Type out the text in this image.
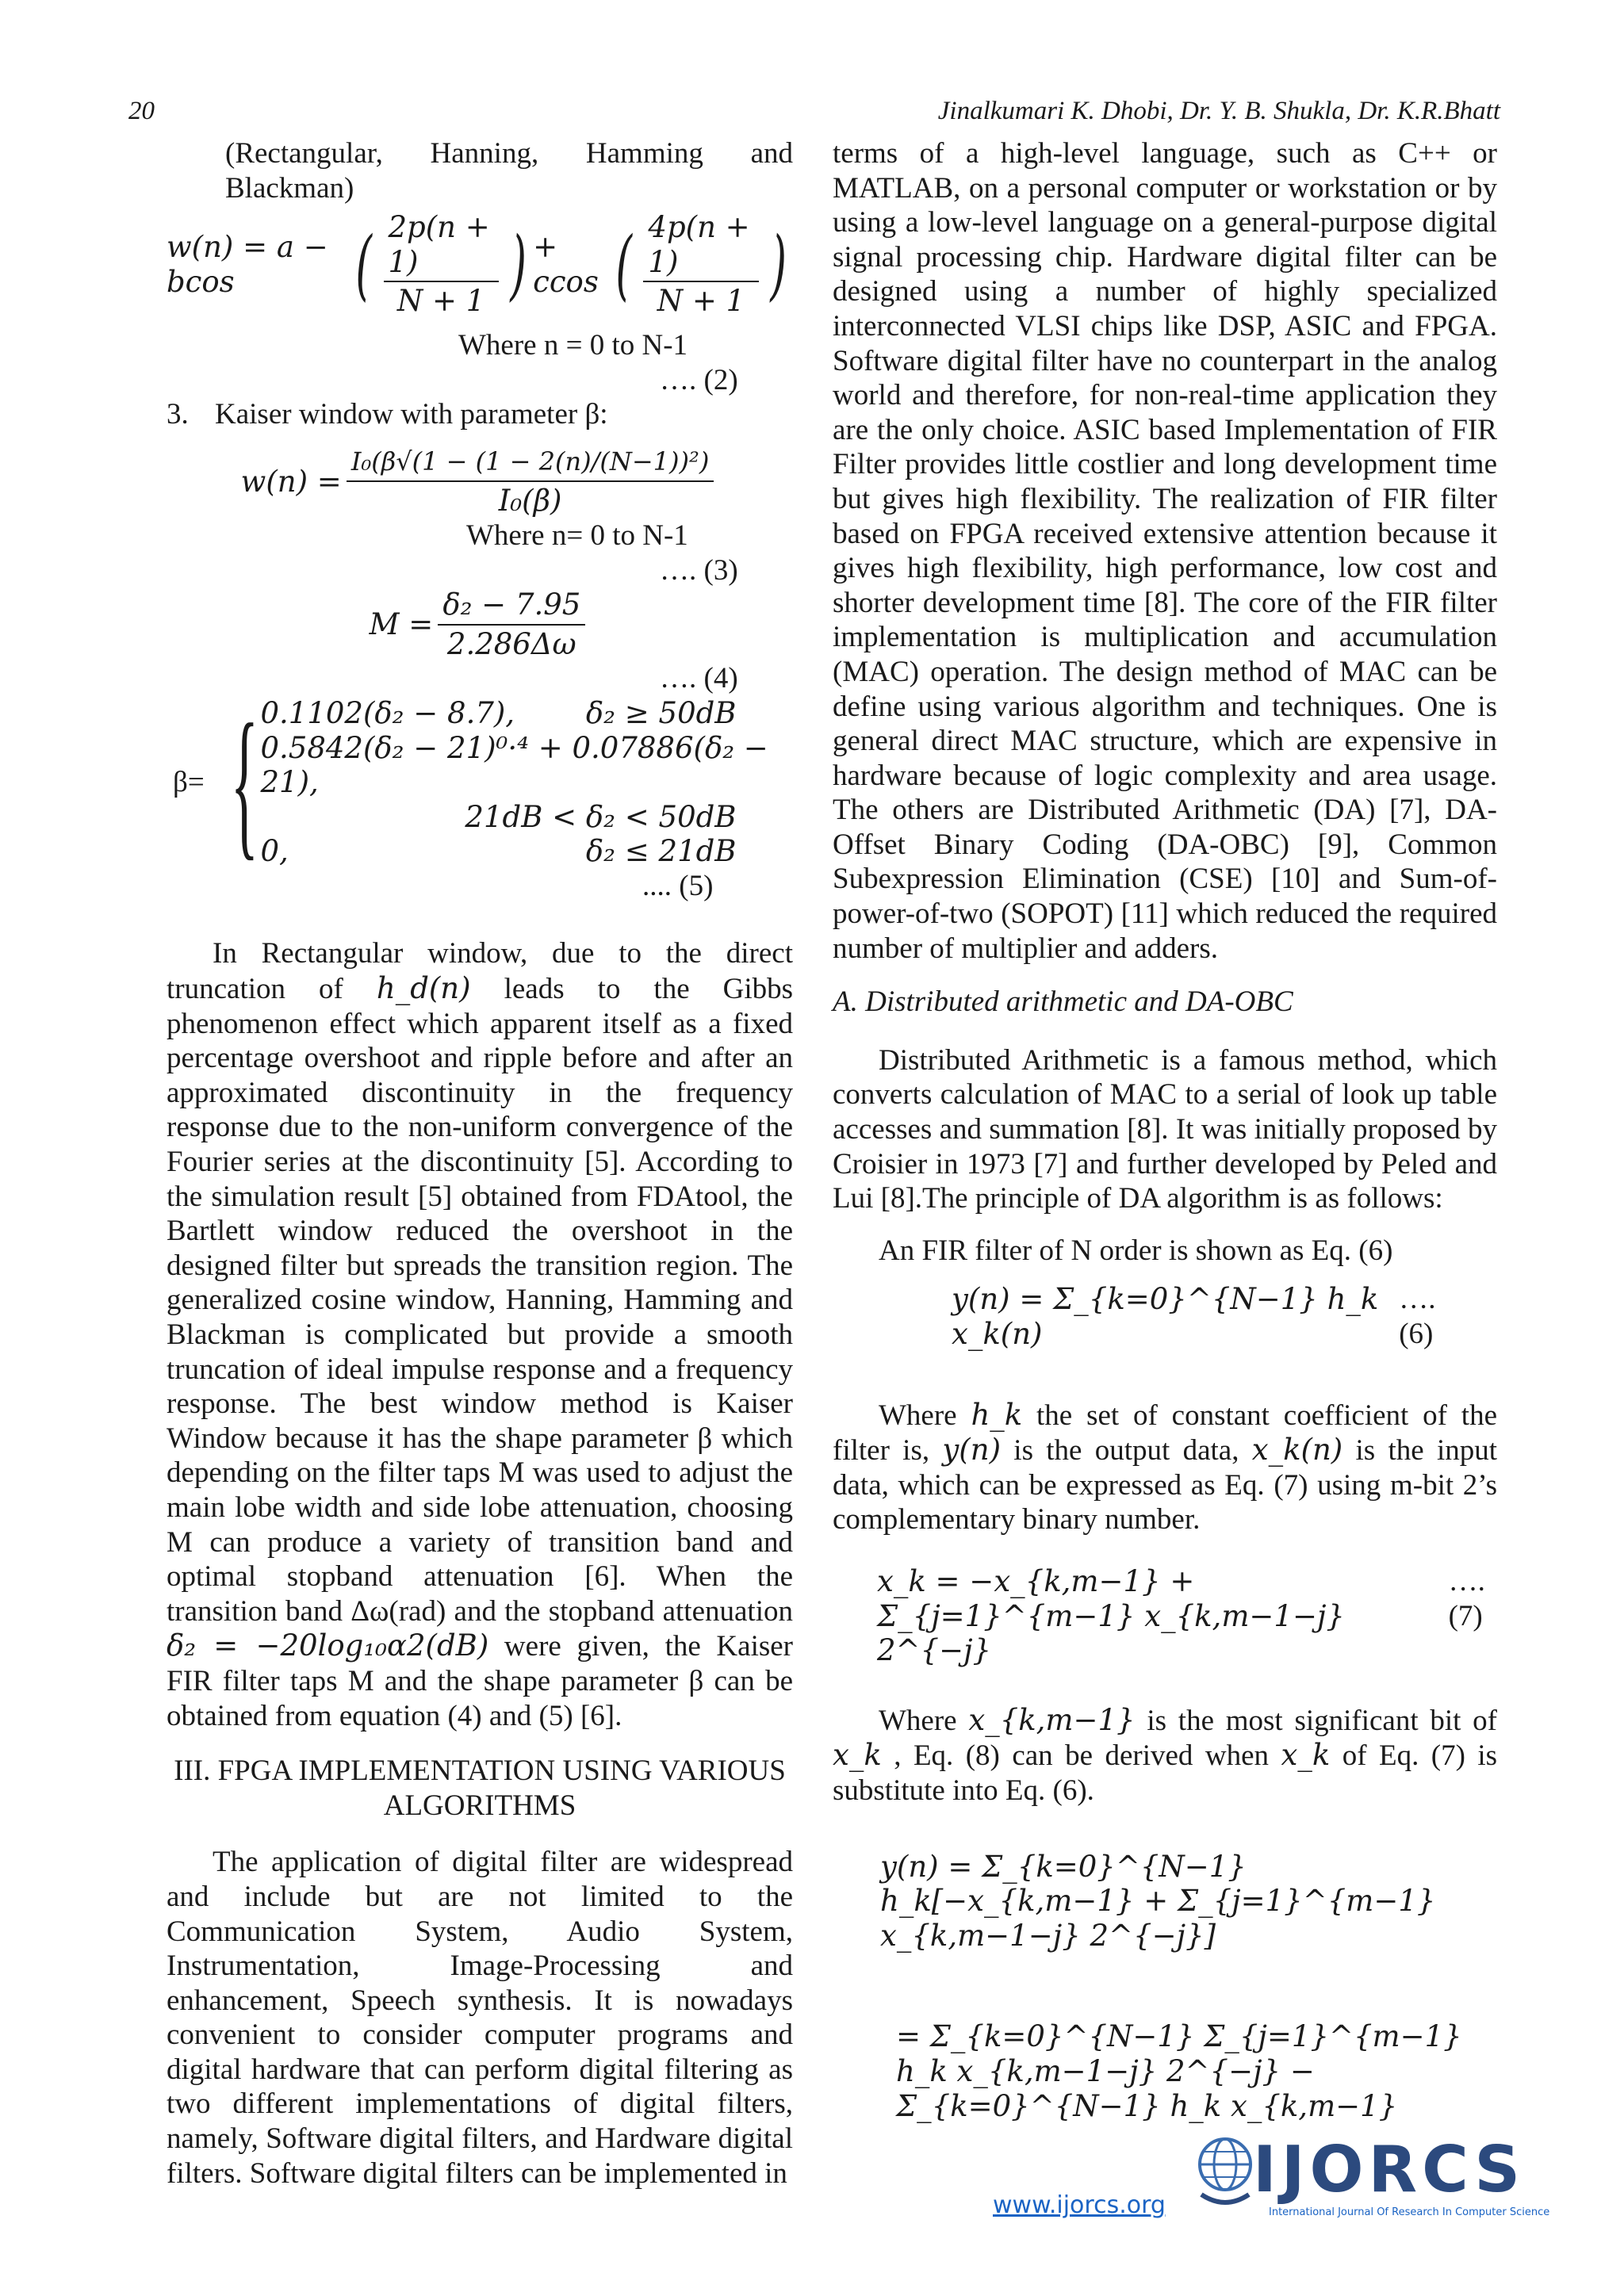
20	Jinalkumari K. Dhobi, Dr. Y. B. Shukla, Dr. K.R.Bhatt

(Rectangular, Hanning, Hamming and Blackman)

w(n) = a − bcos	( $\frac{2p(n + 1)}{N + 1}$ ) + ccos ( $\frac{4p(n + 1)}{N + 1}$ )

Where n = 0 to N-1

…. (2)

3. Kaiser window with parameter β:

$w(n) = \frac{\text{I₀(β√(1 − (1 − 2(n)/(N−1))²)}}{\text{I₀(β)}}$

Where n= 0 to N-1

…. (3)

$M = \frac{\text{δ₂ − 7.95}}{2.286\Delta\omega}$

…. (4)

β= { 0.1102(δ₂ − 8.7), δ₂ ≥ 50dB
0.5842(δ₂ − 21)⁰·⁴ + 0.07886(δ₂ − 21),
21dB < δ₂ < 50dB
0,	δ₂ ≤ 21dB

.... (5)

In Rectangular window, due to the direct truncation of h_d(n) leads to the Gibbs phenomenon effect which apparent itself as a fixed percentage overshoot and ripple before and after an approximated discontinuity in the frequency response due to the non-uniform convergence of the Fourier series at the discontinuity [5]. According to the simulation result [5] obtained from FDAtool, the Bartlett window reduced the overshoot in the designed filter but spreads the transition region. The generalized cosine window, Hanning, Hamming and Blackman is complicated but provide a smooth truncation of ideal impulse response and a frequency response. The best window method is Kaiser Window because it has the shape parameter β which depending on the filter taps M was used to adjust the main lobe width and side lobe attenuation, choosing M can produce a variety of transition band and optimal stopband attenuation [6]. When the transition band Δω(rad) and the stopband attenuation δ₂ = −20log₁₀α2(dB) were given, the Kaiser FIR filter taps M and the shape parameter β can be obtained from equation (4) and (5) [6].

III. FPGA IMPLEMENTATION USING VARIOUS
ALGORITHMS

The application of digital filter are widespread and include but are not limited to the Communication System, Audio System, Instrumentation, Image-Processing and enhancement, Speech synthesis. It is nowadays convenient to consider computer programs and digital hardware that can perform digital filtering as two different implementations of digital filters, namely, Software digital filters, and Hardware digital filters. Software digital filters can be implemented in

terms of a high-level language, such as C++ or MATLAB, on a personal computer or workstation or by using a low-level language on a general-purpose digital signal processing chip. Hardware digital filter can be designed using a number of highly specialized interconnected VLSI chips like DSP, ASIC and FPGA. Software digital filter have no counterpart in the analog world and therefore, for non-real-time application they are the only choice. ASIC based Implementation of FIR Filter provides little costlier and long development time but gives high flexibility. The realization of FIR filter based on FPGA received extensive attention because it gives high flexibility, high performance, low cost and shorter development time [8]. The core of the FIR filter implementation is multiplication and accumulation (MAC) operation. The design method of MAC can be define using various algorithm and techniques. One is general direct MAC structure, which are expensive in hardware because of logic complexity and area usage. The others are Distributed Arithmetic (DA) [7], DA-Offset Binary Coding (DA-OBC) [9], Common Subexpression Elimination (CSE) [10] and Sum-of-power-of-two (SOPOT) [11] which reduced the required number of multiplier and adders.

A. Distributed arithmetic and DA-OBC

Distributed Arithmetic is a famous method, which converts calculation of MAC to a serial of look up table accesses and summation [8]. It was initially proposed by Croisier in 1973 [7] and further developed by Peled and Lui [8].The principle of DA algorithm is as follows:

An FIR filter of N order is shown as Eq. (6)

y(n) = Σ_{k=0}^{N−1} h_k x_k(n)
…. (6)

Where h_k the set of constant coefficient of the filter is, y(n) is the output data, x_k(n) is the input data, which can be expressed as Eq. (7) using m-bit 2’s complementary binary number.

x_k = −x_{k,m−1} + Σ_{j=1}^{m−1} x_{k,m−1−j} 2^{−j}
…. (7)

Where x_{k,m−1} is the most significant bit of x_k , Eq. (8) can be derived when x_k of Eq. (7) is substitute into Eq. (6).

y(n) = Σ_{k=0}^{N−1} h_k[−x_{k,m−1} + Σ_{j=1}^{m−1} x_{k,m−1−j} 2^{−j}]
= Σ_{k=0}^{N−1} Σ_{j=1}^{m−1} h_k x_{k,m−1−j} 2^{−j} − Σ_{k=0}^{N−1} h_k x_{k,m−1}
www.ijorcs.org IJORCS
International Journal Of Research In Computer Science
